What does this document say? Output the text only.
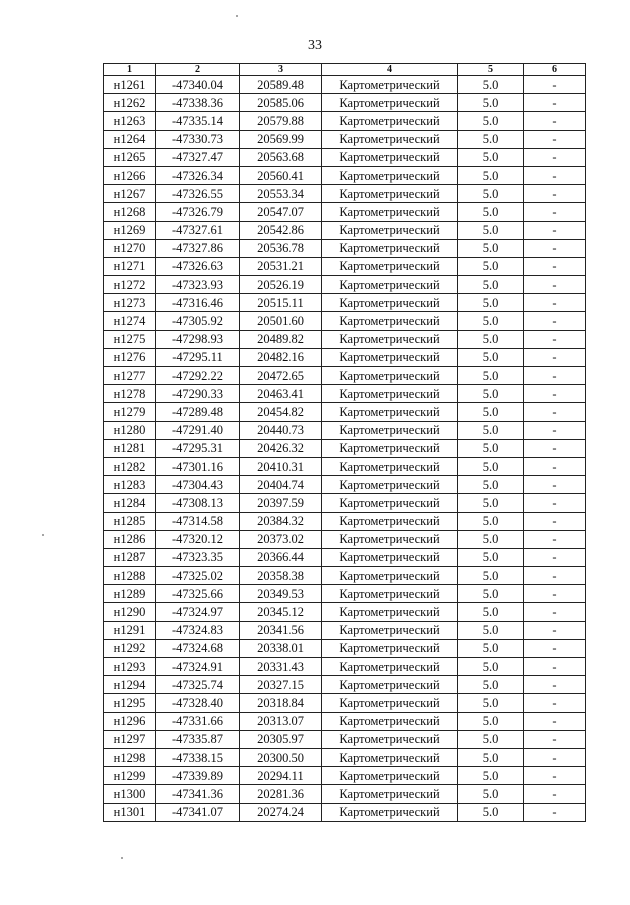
33
1	2	3	4	5	6
н1261	-47340.04	20589.48	Картометрический	5.0	-
н1262	-47338.36	20585.06	Картометрический	5.0	-
н1263	-47335.14	20579.88	Картометрический	5.0	-
н1264	-47330.73	20569.99	Картометрический	5.0	-
н1265	-47327.47	20563.68	Картометрический	5.0	-
н1266	-47326.34	20560.41	Картометрический	5.0	-
н1267	-47326.55	20553.34	Картометрический	5.0	-
н1268	-47326.79	20547.07	Картометрический	5.0	-
н1269	-47327.61	20542.86	Картометрический	5.0	-
н1270	-47327.86	20536.78	Картометрический	5.0	-
н1271	-47326.63	20531.21	Картометрический	5.0	-
н1272	-47323.93	20526.19	Картометрический	5.0	-
н1273	-47316.46	20515.11	Картометрический	5.0	-
н1274	-47305.92	20501.60	Картометрический	5.0	-
н1275	-47298.93	20489.82	Картометрический	5.0	-
н1276	-47295.11	20482.16	Картометрический	5.0	-
н1277	-47292.22	20472.65	Картометрический	5.0	-
н1278	-47290.33	20463.41	Картометрический	5.0	-
н1279	-47289.48	20454.82	Картометрический	5.0	-
н1280	-47291.40	20440.73	Картометрический	5.0	-
н1281	-47295.31	20426.32	Картометрический	5.0	-
н1282	-47301.16	20410.31	Картометрический	5.0	-
н1283	-47304.43	20404.74	Картометрический	5.0	-
н1284	-47308.13	20397.59	Картометрический	5.0	-
н1285	-47314.58	20384.32	Картометрический	5.0	-
н1286	-47320.12	20373.02	Картометрический	5.0	-
н1287	-47323.35	20366.44	Картометрический	5.0	-
н1288	-47325.02	20358.38	Картометрический	5.0	-
н1289	-47325.66	20349.53	Картометрический	5.0	-
н1290	-47324.97	20345.12	Картометрический	5.0	-
н1291	-47324.83	20341.56	Картометрический	5.0	-
н1292	-47324.68	20338.01	Картометрический	5.0	-
н1293	-47324.91	20331.43	Картометрический	5.0	-
н1294	-47325.74	20327.15	Картометрический	5.0	-
н1295	-47328.40	20318.84	Картометрический	5.0	-
н1296	-47331.66	20313.07	Картометрический	5.0	-
н1297	-47335.87	20305.97	Картометрический	5.0	-
н1298	-47338.15	20300.50	Картометрический	5.0	-
н1299	-47339.89	20294.11	Картометрический	5.0	-
н1300	-47341.36	20281.36	Картометрический	5.0	-
н1301	-47341.07	20274.24	Картометрический	5.0	-
